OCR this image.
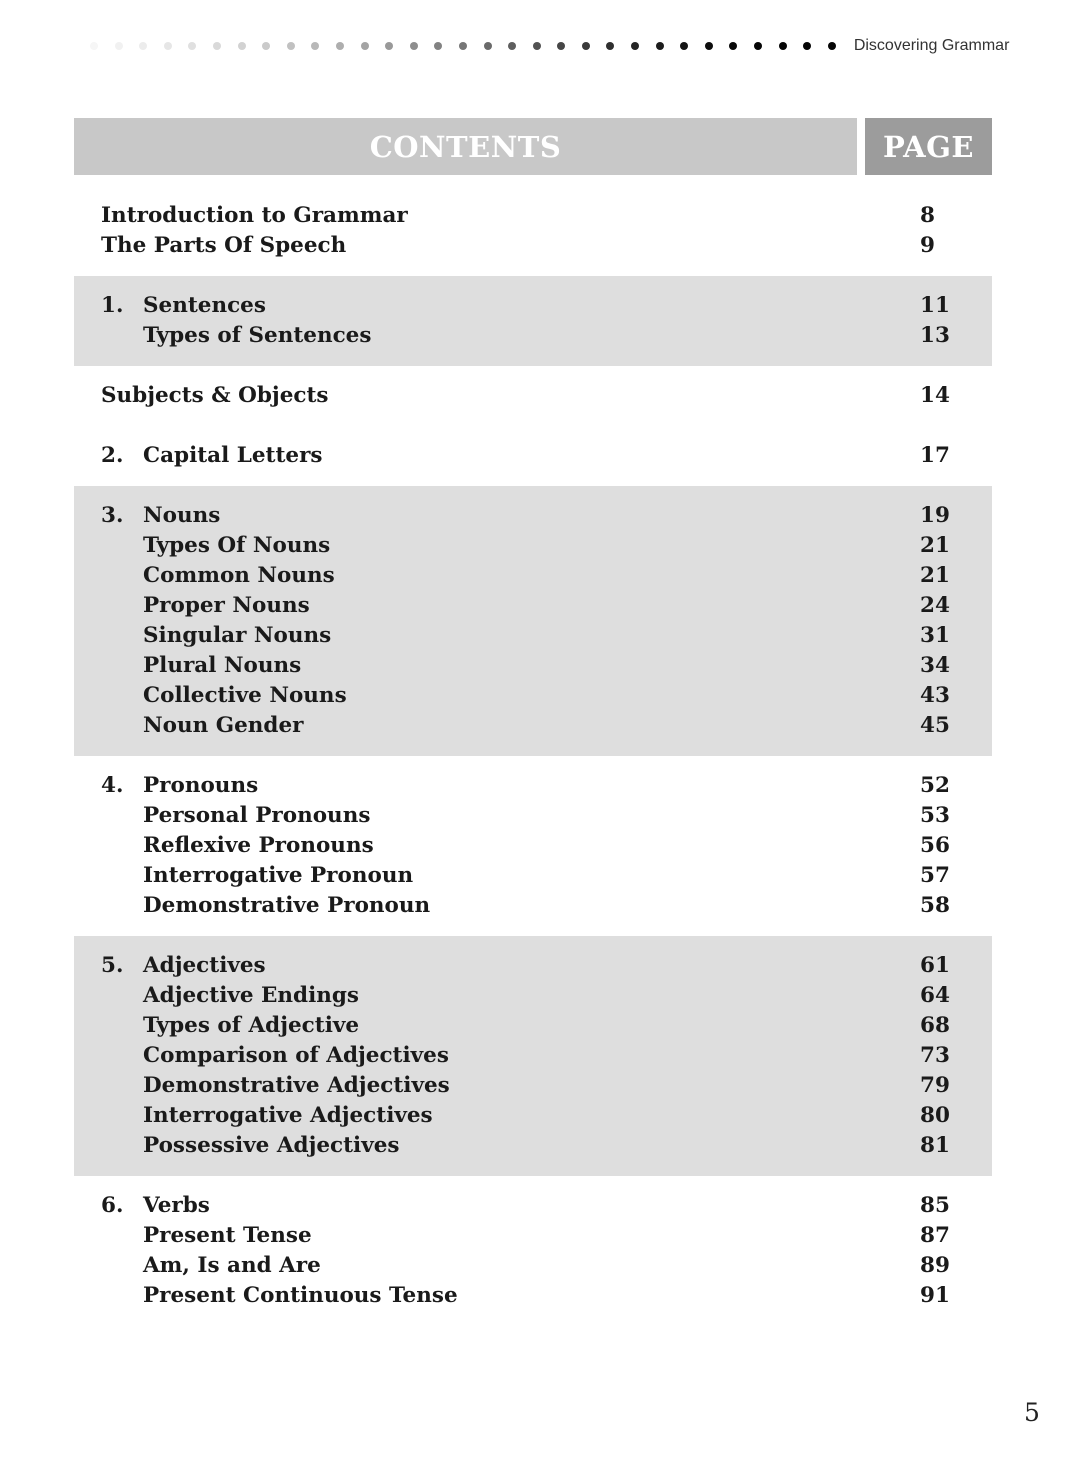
Discovering Grammar
CONTENTS	PAGE
Introduction to Grammar	8
The Parts Of Speech	9
1. Sentences	11
Types of Sentences	13
Subjects & Objects	14
2. Capital Letters	17
3. Nouns	19
Types Of Nouns	21
Common Nouns	21
Proper Nouns	24
Singular Nouns	31
Plural Nouns	34
Collective Nouns	43
Noun Gender	45
4. Pronouns	52
Personal Pronouns	53
Reflexive Pronouns	56
Interrogative Pronoun	57
Demonstrative Pronoun	58
5. Adjectives	61
Adjective Endings	64
Types of Adjective	68
Comparison of Adjectives	73
Demonstrative Adjectives	79
Interrogative Adjectives	80
Possessive Adjectives	81
6. Verbs	85
Present Tense	87
Am, Is and Are	89
Present Continuous Tense	91
5
